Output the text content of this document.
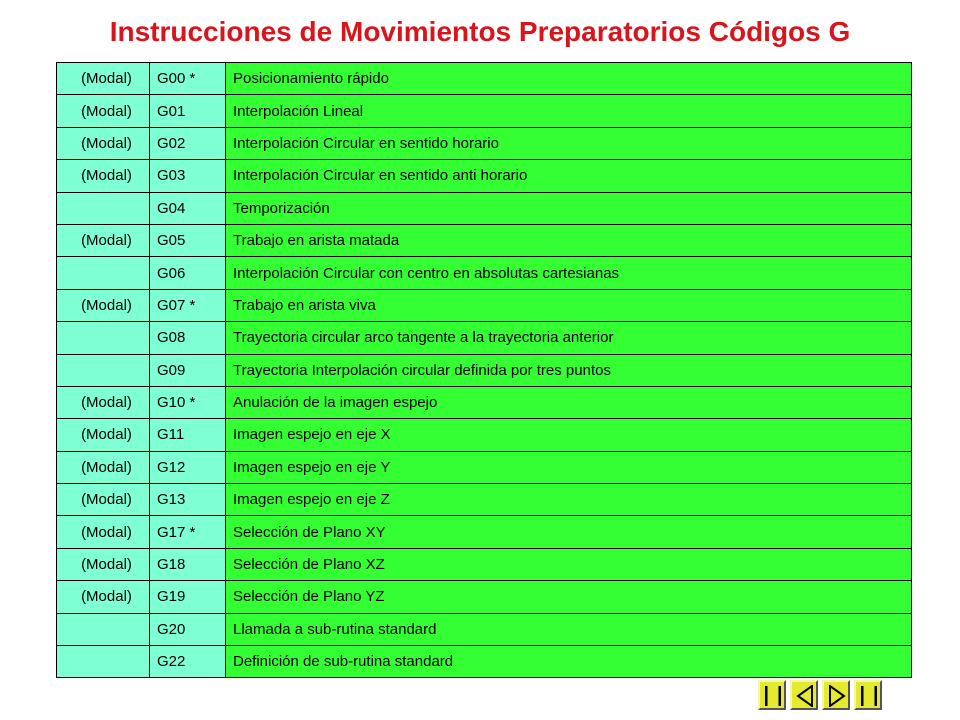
Instrucciones de Movimientos Preparatorios Códigos G
(Modal)	G00 *	Posicionamiento rápido
(Modal)	G01	Interpolación Lineal
(Modal)	G02	Interpolación Circular en sentido horario
(Modal)	G03	Interpolación Circular en sentido anti horario
	G04	Temporización
(Modal)	G05	Trabajo en arista matada
	G06	Interpolación Circular con centro en absolutas cartesianas
(Modal)	G07 *	Trabajo en arista viva
	G08	Trayectoria circular arco tangente a la trayectoria anterior
	G09	Trayectoria Interpolación circular definida por tres puntos
(Modal)	G10 *	Anulación de la imagen espejo
(Modal)	G11	Imagen espejo en eje X
(Modal)	G12	Imagen espejo en eje Y
(Modal)	G13	Imagen espejo en eje Z
(Modal)	G17 *	Selección de Plano XY
(Modal)	G18	Selección de Plano XZ
(Modal)	G19	Selección de Plano YZ
	G20	Llamada a sub-rutina standard
	G22	Definición de sub-rutina standard
